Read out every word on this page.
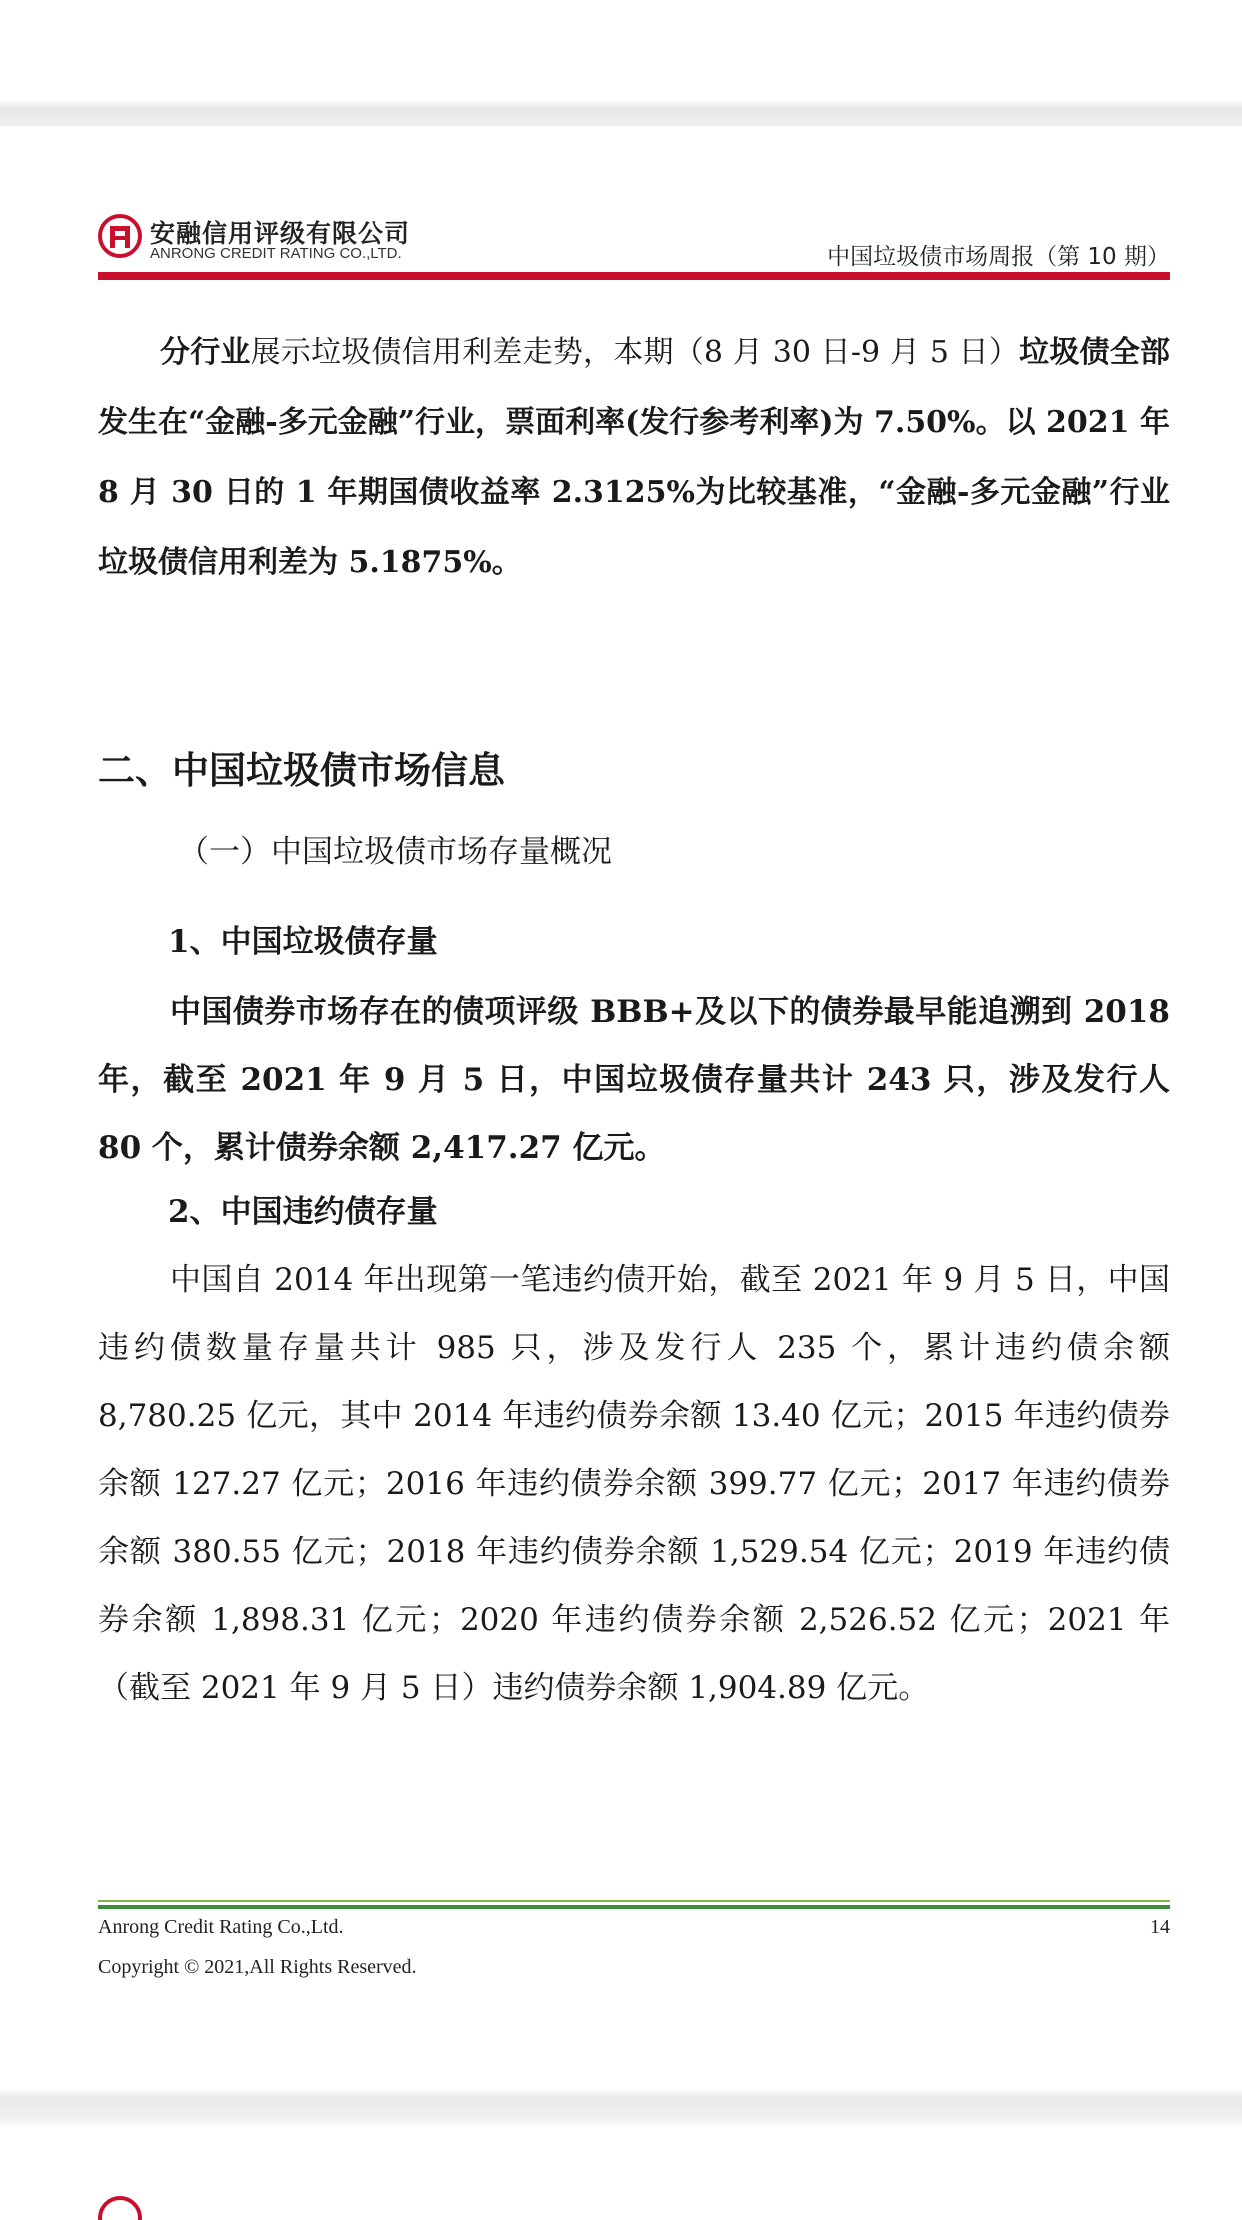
安融信用评级有限公司
ANRONG CREDIT RATING CO.,LTD.	中国垃圾债市场周报（第 10 期）
分行业展示垃圾债信用利差走势，本期（8 月 30 日-9 月 5 日）垃圾债全部发生在“金融-多元金融”行业，票面利率(发行参考利率)为 7.50%。以 2021 年 8 月 30 日的 1 年期国债收益率 2.3125%为比较基准，“金融-多元金融”行业垃圾债信用利差为 5.1875%。
二、中国垃圾债市场信息
（一）中国垃圾债市场存量概况
1、中国垃圾债存量
中国债券市场存在的债项评级 BBB+及以下的债券最早能追溯到 2018 年，截至 2021 年 9 月 5 日，中国垃圾债存量共计 243 只，涉及发行人 80 个，累计债券余额 2,417.27 亿元。
2、中国违约债存量
中国自 2014 年出现第一笔违约债开始，截至 2021 年 9 月 5 日，中国违约债数量存量共计 985 只，涉及发行人 235 个，累计违约债余额 8,780.25 亿元，其中 2014 年违约债券余额 13.40 亿元；2015 年违约债券余额 127.27 亿元；2016 年违约债券余额 399.77 亿元；2017 年违约债券余额 380.55 亿元；2018 年违约债券余额 1,529.54 亿元；2019 年违约债券余额 1,898.31 亿元；2020 年违约债券余额 2,526.52 亿元；2021 年（截至 2021 年 9 月 5 日）违约债券余额 1,904.89 亿元。
Anrong Credit Rating Co.,Ltd.	14
Copyright © 2021,All Rights Reserved.
